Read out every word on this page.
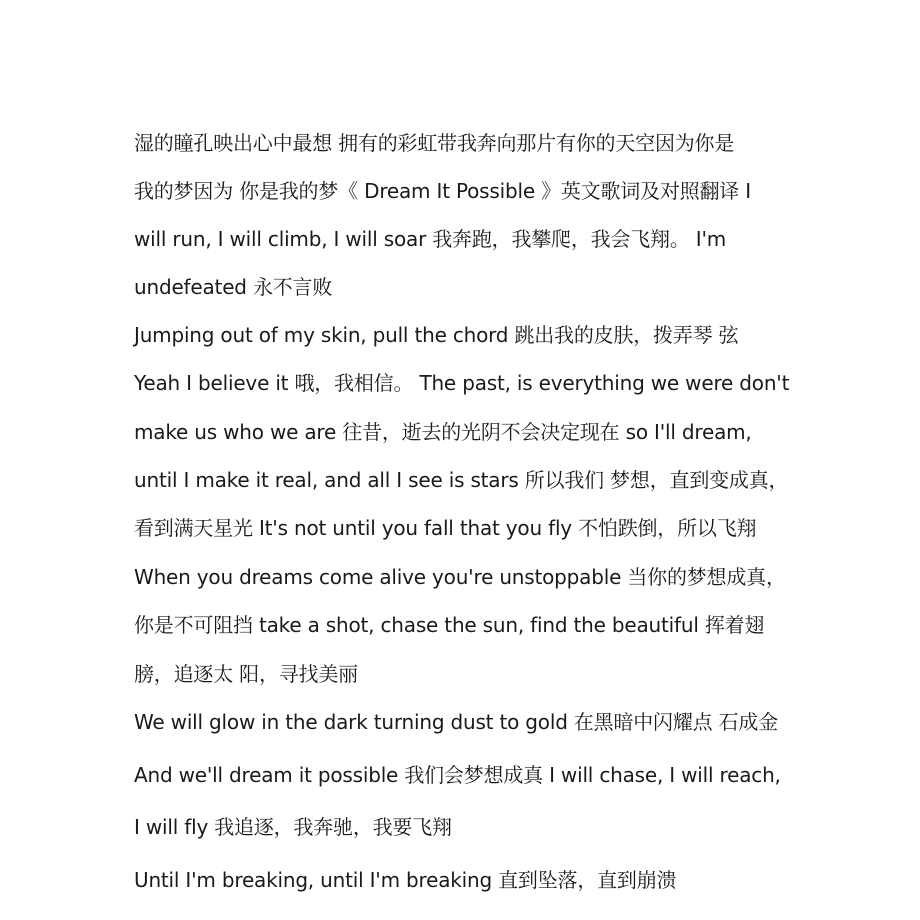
湿的瞳孔映出心中最想 拥有的彩虹带我奔向那片有你的天空因为你是
我的梦因为 你是我的梦《 Dream It Possible 》英文歌词及对照翻译 I
will run, I will climb, I will soar 我奔跑，我攀爬，我会飞翔。 I'm
undefeated 永不言败
Jumping out of my skin, pull the chord 跳出我的皮肤，拨弄琴 弦
Yeah I believe it 哦，我相信。 The past, is everything we were don't
make us who we are 往昔，逝去的光阴不会决定现在 so I'll dream,
until I make it real, and all I see is stars 所以我们 梦想，直到变成真，
看到满天星光 It's not until you fall that you fly 不怕跌倒，所以飞翔
When you dreams come alive you're unstoppable 当你的梦想成真，
你是不可阻挡 take a shot, chase the sun, find the beautiful 挥着翅
膀，追逐太 阳，寻找美丽
We will glow in the dark turning dust to gold 在黑暗中闪耀点 石成金
And we'll dream it possible 我们会梦想成真 I will chase, I will reach,
I will fly 我追逐，我奔驰，我要飞翔
Until I'm breaking, until I'm breaking 直到坠落，直到崩溃
